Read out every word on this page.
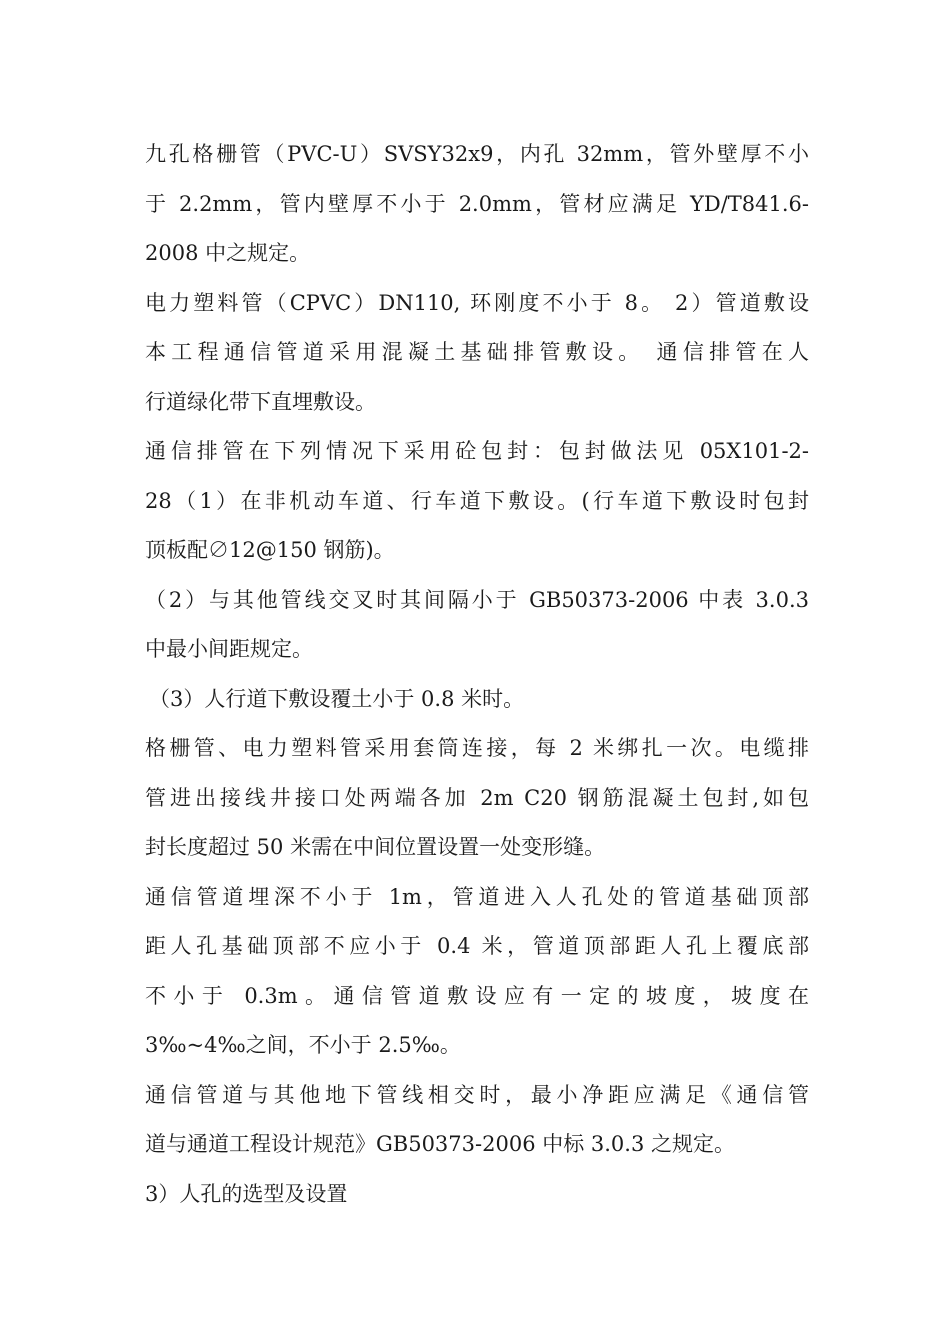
九孔格栅管（PVC-U）SVSY32x9，内孔 32mm，管外壁厚不小
于 2.2mm，管内壁厚不小于 2.0mm，管材应满足 YD/T841.6-
2008 中之规定。
电力塑料管（CPVC）DN110, 环刚度不小于 8。 2）管道敷设
本工程通信管道采用混凝土基础排管敷设。 通信排管在人
行道绿化带下直埋敷设。
通信排管在下列情况下采用砼包封：包封做法见 05X101-2-
28（1）在非机动车道、行车道下敷设。(行车道下敷设时包封
顶板配∅12@150 钢筋)。
（2）与其他管线交叉时其间隔小于 GB50373-2006 中表 3.0.3
中最小间距规定。
（3）人行道下敷设覆土小于 0.8 米时。
格栅管、电力塑料管采用套筒连接，每 2 米绑扎一次。电缆排
管进出接线井接口处两端各加 2m C20 钢筋混凝土包封,如包
封长度超过 50 米需在中间位置设置一处变形缝。
通信管道埋深不小于 1m，管道进入人孔处的管道基础顶部
距人孔基础顶部不应小于 0.4 米，管道顶部距人孔上覆底部
不小于 0.3m。通信管道敷设应有一定的坡度，坡度在
3‰~4‰之间，不小于 2.5‰。
通信管道与其他地下管线相交时，最小净距应满足《通信管
道与通道工程设计规范》GB50373-2006 中标 3.0.3 之规定。
3）人孔的选型及设置
